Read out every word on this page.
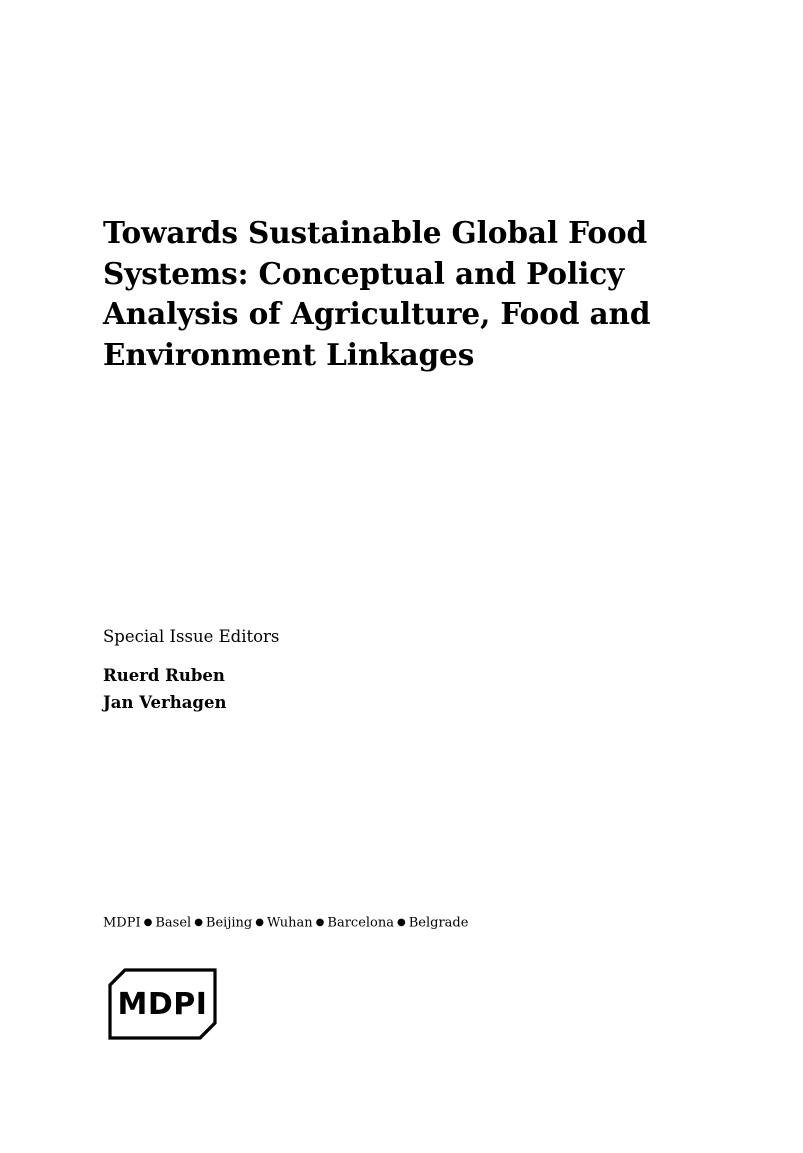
Towards Sustainable Global Food Systems: Conceptual and Policy Analysis of Agriculture, Food and Environment Linkages

Special Issue Editors

Ruerd Ruben

Jan Verhagen

MDPI ● Basel ● Beijing ● Wuhan ● Barcelona ● Belgrade
MDPI
